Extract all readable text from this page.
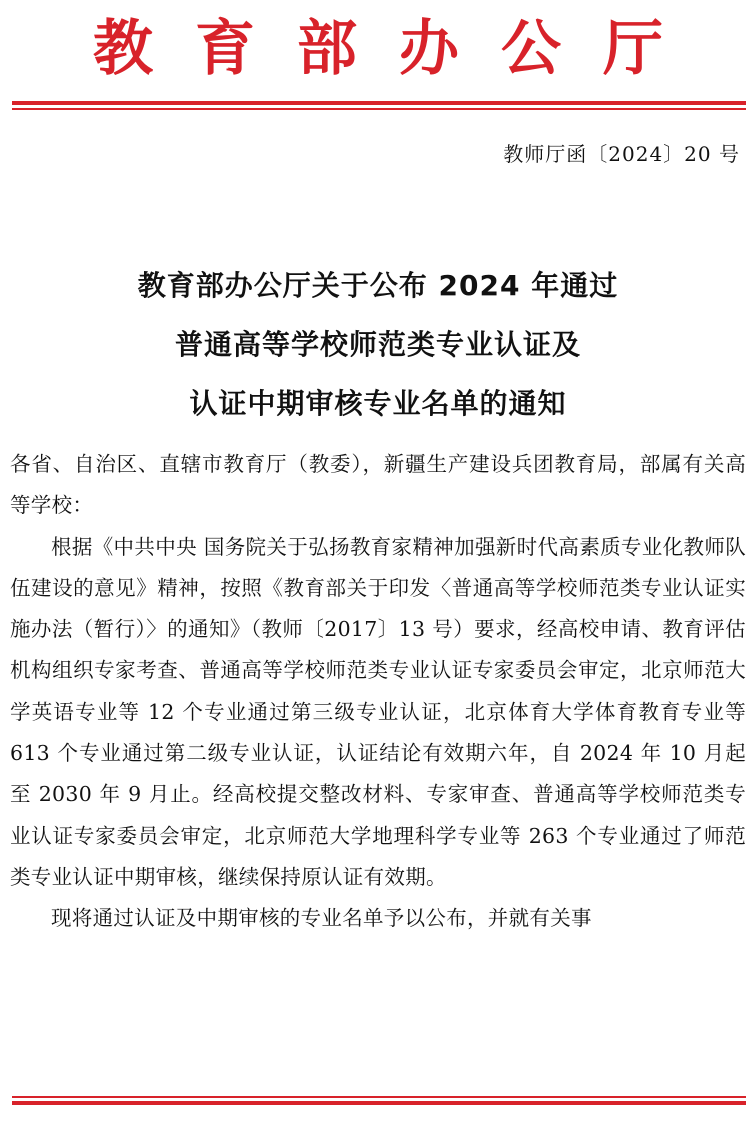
教育部办公厅
教师厅函〔2024〕20 号
教育部办公厅关于公布 2024 年通过
普通高等学校师范类专业认证及
认证中期审核专业名单的通知

各省、自治区、直辖市教育厅（教委），新疆生产建设兵团教育局，部属有关高等学校：

根据《中共中央 国务院关于弘扬教育家精神加强新时代高素质专业化教师队伍建设的意见》精神，按照《教育部关于印发〈普通高等学校师范类专业认证实施办法（暂行）〉的通知》（教师〔2017〕13 号）要求，经高校申请、教育评估机构组织专家考查、普通高等学校师范类专业认证专家委员会审定，北京师范大学英语专业等 12 个专业通过第三级专业认证，北京体育大学体育教育专业等 613 个专业通过第二级专业认证，认证结论有效期六年，自 2024 年 10 月起至 2030 年 9 月止。经高校提交整改材料、专家审查、普通高等学校师范类专业认证专家委员会审定，北京师范大学地理科学专业等 263 个专业通过了师范类专业认证中期审核，继续保持原认证有效期。

现将通过认证及中期审核的专业名单予以公布，并就有关事
